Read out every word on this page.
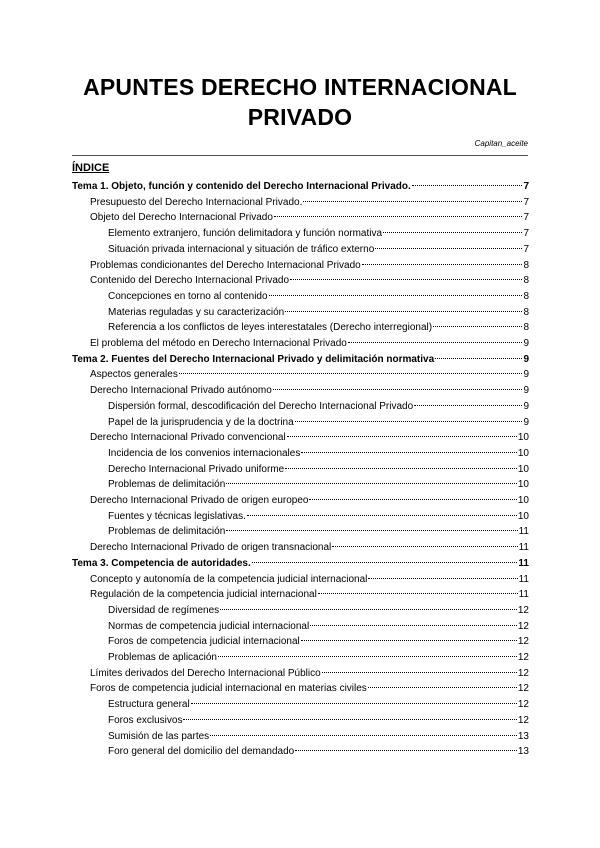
APUNTES DERECHO INTERNACIONAL
PRIVADO
Capitan_aceite
ÍNDICE
Tema 1. Objeto, función y contenido del Derecho Internacional Privado.	7
Presupuesto del Derecho Internacional Privado.	7
Objeto del Derecho Internacional Privado	7
Elemento extranjero, función delimitadora y función normativa	7
Situación privada internacional y situación de tráfico externo	7
Problemas condicionantes del Derecho Internacional Privado	8
Contenido del Derecho Internacional Privado	8
Concepciones en torno al contenido	8
Materias reguladas y su caracterización	8
Referencia a los conflictos de leyes interestatales (Derecho interregional)	8
El problema del método en Derecho Internacional Privado	9
Tema 2. Fuentes del Derecho Internacional Privado y delimitación normativa	9
Aspectos generales	9
Derecho Internacional Privado autónomo	9
Dispersión formal, descodificación del Derecho Internacional Privado	9
Papel de la jurisprudencia y de la doctrina	9
Derecho Internacional Privado convencional	10
Incidencia de los convenios internacionales	10
Derecho Internacional Privado uniforme	10
Problemas de delimitación	10
Derecho Internacional Privado de origen europeo	10
Fuentes y técnicas legislativas.	10
Problemas de delimitación	11
Derecho Internacional Privado de origen transnacional	11
Tema 3. Competencia de autoridades.	11
Concepto y autonomía de la competencia judicial internacional	11
Regulación de la competencia judicial internacional	11
Diversidad de regímenes	12
Normas de competencia judicial internacional	12
Foros de competencia judicial internacional	12
Problemas de aplicación	12
Límites derivados del Derecho Internacional Público	12
Foros de competencia judicial internacional en materias civiles	12
Estructura general	12
Foros exclusivos	12
Sumisión de las partes	13
Foro general del domicilio del demandado	13
